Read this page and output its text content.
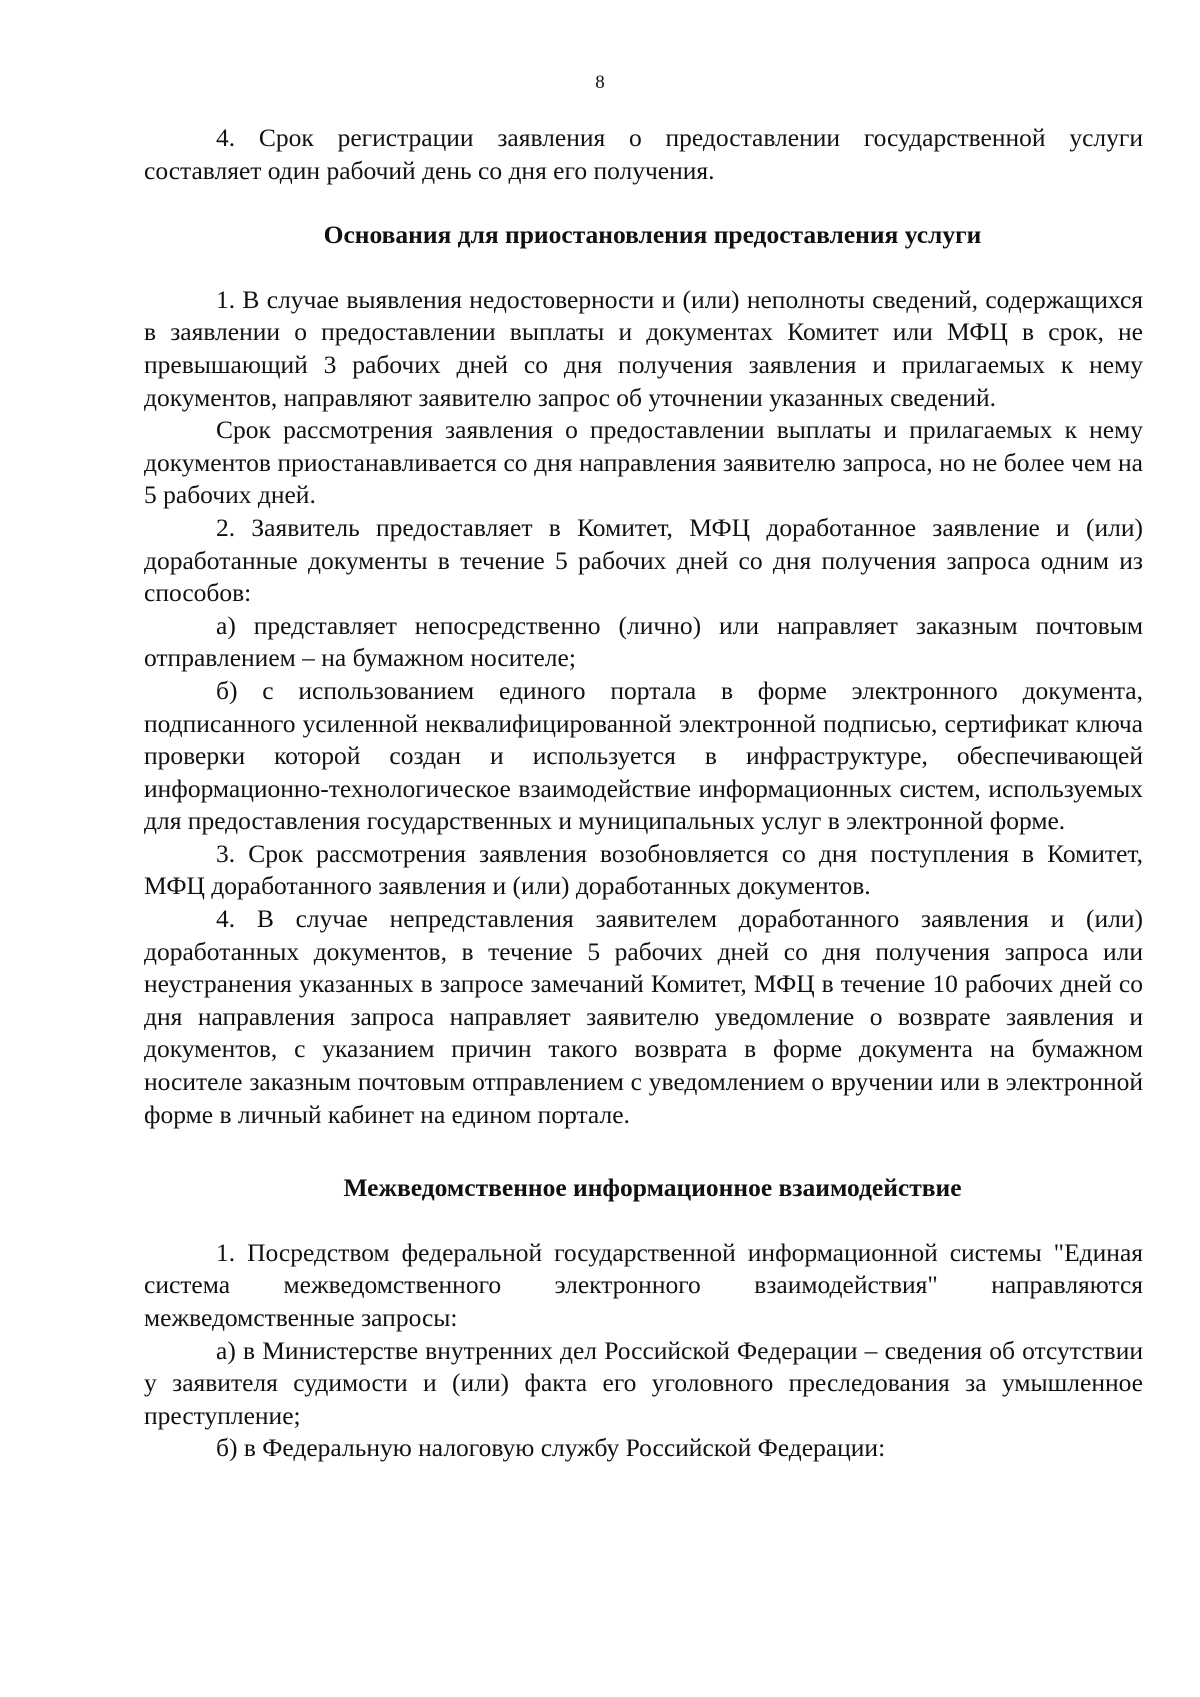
8

4. Срок регистрации заявления о предоставлении государственной услуги составляет один рабочий день со дня его получения.

Основания для приостановления предоставления услуги

1. В случае выявления недостоверности и (или) неполноты сведений, содержащихся в заявлении о предоставлении выплаты и документах Комитет или МФЦ в срок, не превышающий 3 рабочих дней со дня получения заявления и прилагаемых к нему документов, направляют заявителю запрос об уточнении указанных сведений.

Срок рассмотрения заявления о предоставлении выплаты и прилагаемых к нему документов приостанавливается со дня направления заявителю запроса, но не более чем на 5 рабочих дней.

2. Заявитель предоставляет в Комитет, МФЦ доработанное заявление и (или) доработанные документы в течение 5 рабочих дней со дня получения запроса одним из способов:

а) представляет непосредственно (лично) или направляет заказным почтовым отправлением – на бумажном носителе;

б) с использованием единого портала в форме электронного документа, подписанного усиленной неквалифицированной электронной подписью, сертификат ключа проверки которой создан и используется в инфраструктуре, обеспечивающей информационно-технологическое взаимодействие информационных систем, используемых для предоставления государственных и муниципальных услуг в электронной форме.

3. Срок рассмотрения заявления возобновляется со дня поступления в Комитет, МФЦ доработанного заявления и (или) доработанных документов.

4. В случае непредставления заявителем доработанного заявления и (или) доработанных документов, в течение 5 рабочих дней со дня получения запроса или неустранения указанных в запросе замечаний Комитет, МФЦ в течение 10 рабочих дней со дня направления запроса направляет заявителю уведомление о возврате заявления и документов, с указанием причин такого возврата в форме документа на бумажном носителе заказным почтовым отправлением с уведомлением о вручении или в электронной форме в личный кабинет на едином портале.

Межведомственное информационное взаимодействие

1. Посредством федеральной государственной информационной системы "Единая система межведомственного электронного взаимодействия" направляются межведомственные запросы:

а) в Министерстве внутренних дел Российской Федерации – сведения об отсутствии у заявителя судимости и (или) факта его уголовного преследования за умышленное преступление;

б) в Федеральную налоговую службу Российской Федерации:
